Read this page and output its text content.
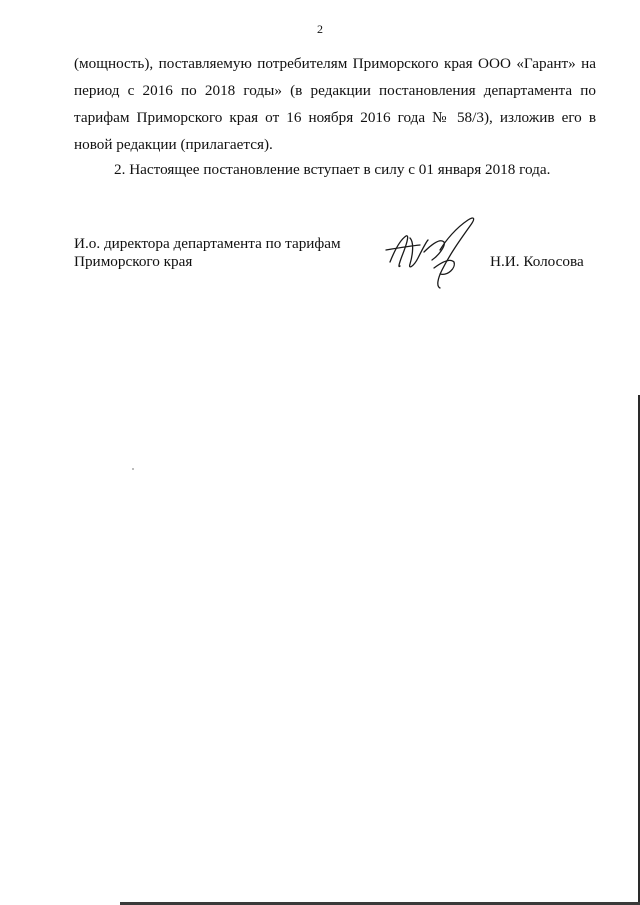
2

(мощность), поставляемую потребителям Приморского края ООО «Гарант» на период с 2016 по 2018 годы» (в редакции постановления департамента по тарифам Приморского края от 16 ноября 2016 года № 58/3), изложив его в новой редакции (прилагается).

2. Настоящее постановление вступает в силу с 01 января 2018 года.

И.о. директора департамента по тарифам
Приморского края	Н.И. Колосова
